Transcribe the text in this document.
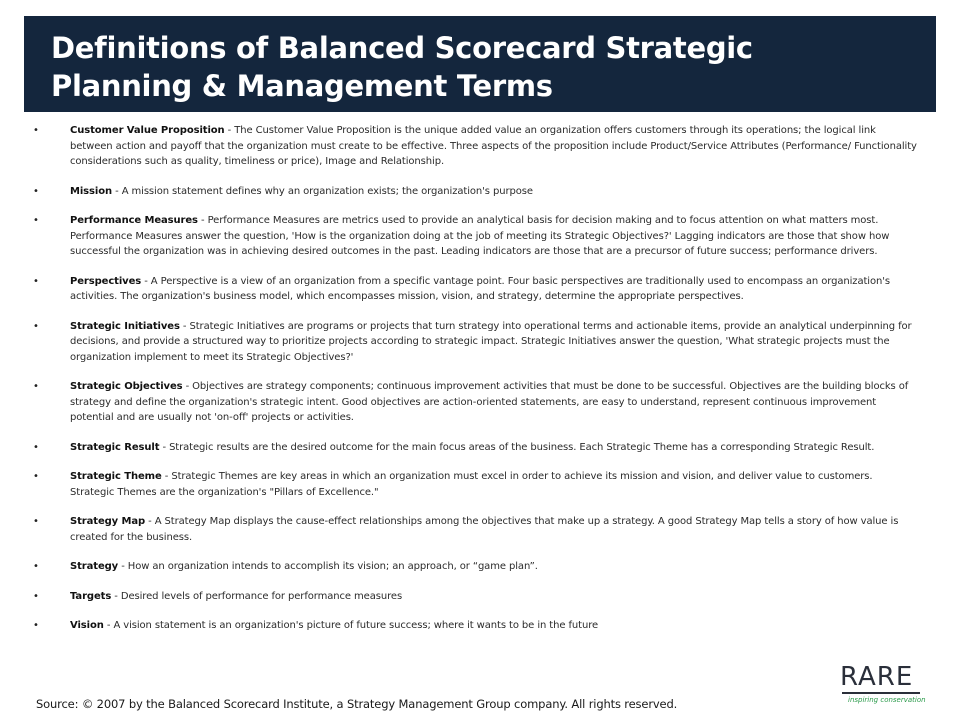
Definitions of Balanced Scorecard Strategic
Planning & Management Terms
•	Customer Value Proposition - The Customer Value Proposition is the unique added value an organization offers customers through its operations; the logical link between action and payoff that the organization must create to be effective. Three aspects of the proposition include Product/Service Attributes (Performance/ Functionality considerations such as quality, timeliness or price), Image and Relationship.
•	Mission - A mission statement defines why an organization exists; the organization's purpose
•	Performance Measures - Performance Measures are metrics used to provide an analytical basis for decision making and to focus attention on what matters most. Performance Measures answer the question, 'How is the organization doing at the job of meeting its Strategic Objectives?' Lagging indicators are those that show how successful the organization was in achieving desired outcomes in the past. Leading indicators are those that are a precursor of future success; performance drivers.
•	Perspectives - A Perspective is a view of an organization from a specific vantage point. Four basic perspectives are traditionally used to encompass an organization's activities. The organization's business model, which encompasses mission, vision, and strategy, determine the appropriate perspectives.
•	Strategic Initiatives - Strategic Initiatives are programs or projects that turn strategy into operational terms and actionable items, provide an analytical underpinning for decisions, and provide a structured way to prioritize projects according to strategic impact. Strategic Initiatives answer the question, 'What strategic projects must the organization implement to meet its Strategic Objectives?'
•	Strategic Objectives - Objectives are strategy components; continuous improvement activities that must be done to be successful. Objectives are the building blocks of strategy and define the organization's strategic intent. Good objectives are action-oriented statements, are easy to understand, represent continuous improvement potential and are usually not 'on-off' projects or activities.
•	Strategic Result - Strategic results are the desired outcome for the main focus areas of the business. Each Strategic Theme has a corresponding Strategic Result.
•	Strategic Theme - Strategic Themes are key areas in which an organization must excel in order to achieve its mission and vision, and deliver value to customers. Strategic Themes are the organization's "Pillars of Excellence."
•	Strategy Map - A Strategy Map displays the cause-effect relationships among the objectives that make up a strategy. A good Strategy Map tells a story of how value is created for the business.
•	Strategy - How an organization intends to accomplish its vision; an approach, or “game plan”.
•	Targets - Desired levels of performance for performance measures
•	Vision - A vision statement is an organization's picture of future success; where it wants to be in the future
RARE
inspiring conservation
Source: © 2007 by the Balanced Scorecard Institute, a Strategy Management Group company. All rights reserved.
